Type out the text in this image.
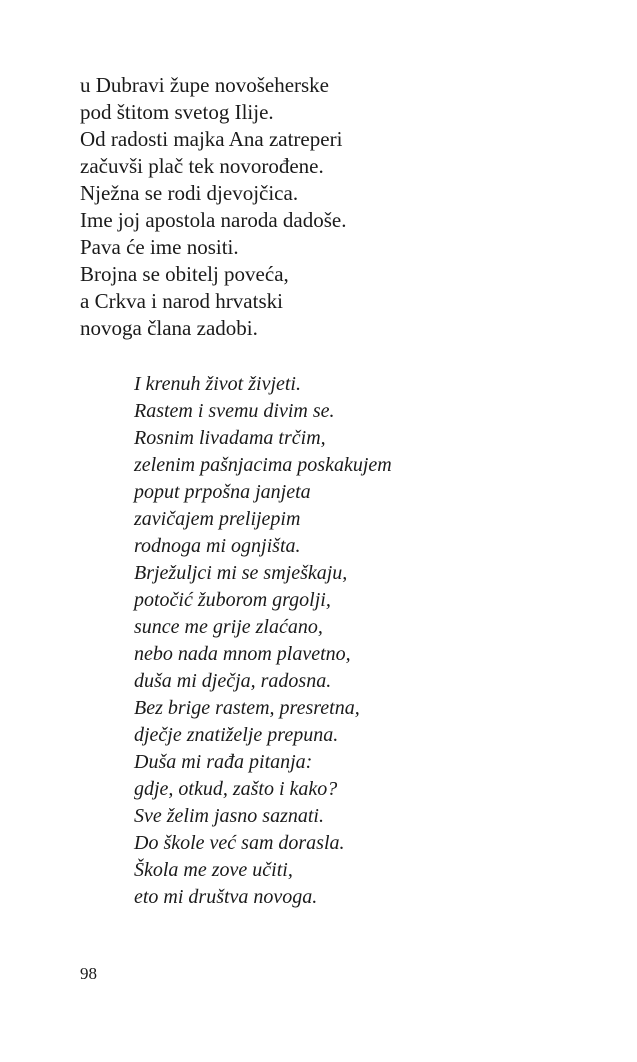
u Dubravi župe novošeherske
pod štitom svetog Ilije.
Od radosti majka Ana zatreperi
začuvši plač tek novorođene.
Nježna se rodi djevojčica.
Ime joj apostola naroda dadoše.
Pava će ime nositi.
Brojna se obitelj poveća,
a Crkva i narod hrvatski
novoga člana zadobi.
I krenuh život živjeti.
Rastem i svemu divim se.
Rosnim livadama trčim,
zelenim pašnjacima poskakujem
poput prpošna janjeta
zavičajem prelijepim
rodnoga mi ognjišta.
Brježuljci mi se smješkaju,
potočić žuborom grgolji,
sunce me grije zlaćano,
nebo nada mnom plavetno,
duša mi dječja, radosna.
Bez brige rastem, presretna,
dječje znatiželje prepuna.
Duša mi rađa pitanja:
gdje, otkud, zašto i kako?
Sve želim jasno saznati.
Do škole već sam dorasla.
Škola me zove učiti,
eto mi društva novoga.
98
